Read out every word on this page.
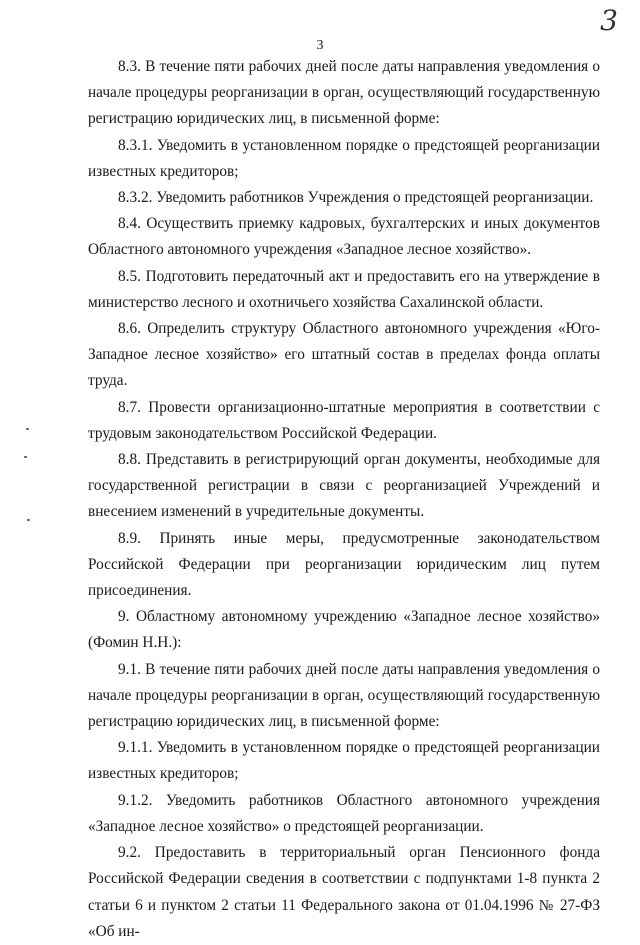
3
3

8.3. В течение пяти рабочих дней после даты направления уведомления о начале процедуры реорганизации в орган, осуществляющий государственную регистрацию юридических лиц, в письменной форме:

8.3.1. Уведомить в установленном порядке о предстоящей реорганизации известных кредиторов;

8.3.2. Уведомить работников Учреждения о предстоящей реорганизации.

8.4. Осуществить приемку кадровых, бухгалтерских и иных документов Областного автономного учреждения «Западное лесное хозяйство».

8.5. Подготовить передаточный акт и предоставить его на утверждение в министерство лесного и охотничьего хозяйства Сахалинской области.

8.6. Определить структуру Областного автономного учреждения «Юго-Западное лесное хозяйство» его штатный состав в пределах фонда оплаты труда.

8.7. Провести организационно-штатные мероприятия в соответствии с трудовым законодательством Российской Федерации.

8.8. Представить в регистрирующий орган документы, необходимые для государственной регистрации в связи с реорганизацией Учреждений и внесением изменений в учредительные документы.

8.9. Принять иные меры, предусмотренные законодательством Российской Федерации при реорганизации юридическим лиц путем присоединения.

9. Областному автономному учреждению «Западное лесное хозяйство» (Фомин Н.Н.):

9.1. В течение пяти рабочих дней после даты направления уведомления о начале процедуры реорганизации в орган, осуществляющий государственную регистрацию юридических лиц, в письменной форме:

9.1.1. Уведомить в установленном порядке о предстоящей реорганизации известных кредиторов;

9.1.2. Уведомить работников Областного автономного учреждения «Западное лесное хозяйство» о предстоящей реорганизации.

9.2. Предоставить в территориальный орган Пенсионного фонда Российской Федерации сведения в соответствии с подпунктами 1-8 пункта 2 статьи 6 и пунктом 2 статьи 11 Федерального закона от 01.04.1996 № 27-ФЗ «Об ин-
